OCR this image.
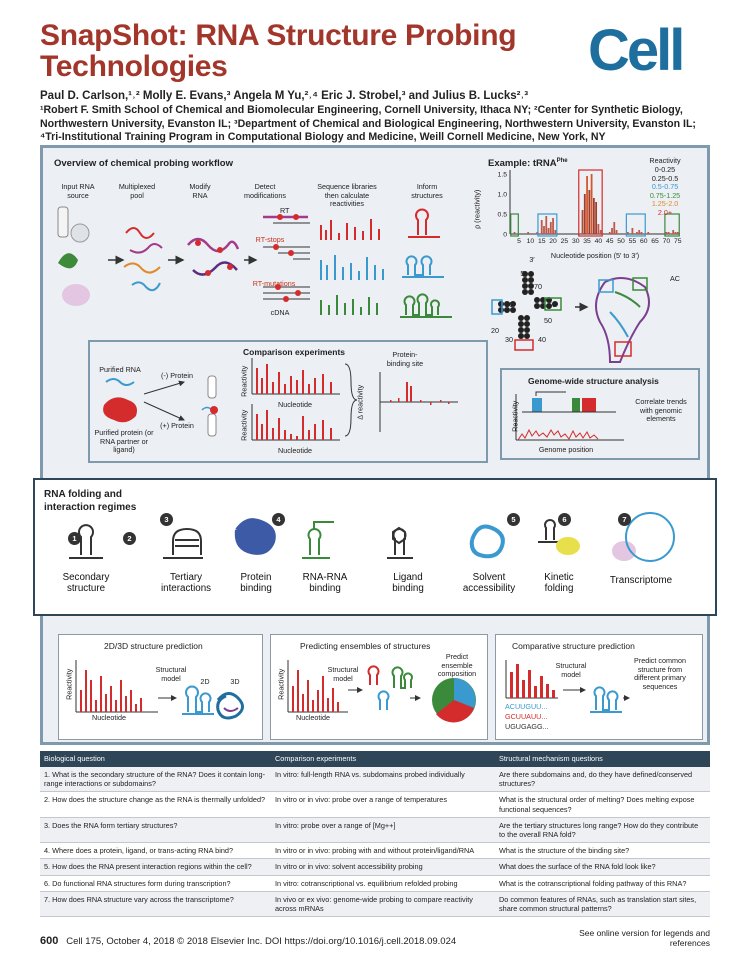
SnapShot: RNA Structure Probing Technologies	Cell
Paul D. Carlson,¹˒² Molly E. Evans,³ Angela M Yu,²˒⁴ Eric J. Strobel,³ and Julius B. Lucks²˒³
¹Robert F. Smith School of Chemical and Biomolecular Engineering, Cornell University, Ithaca NY; ²Center for Synthetic Biology,
Northwestern University, Evanston IL; ³Department of Chemical and Biological Engineering, Northwestern University, Evanston IL;
⁴Tri-Institutional Training Program in Computational Biology and Medicine, Weill Cornell Medicine, New York, NY
Overview of chemical probing workflow
Input RNA source
Multiplexed pool
Modify RNA
Detect modifications
Sequence libraries then calculate reactivities
Inform structures
RT
RT-stops
RT-mutations
cDNA
Example: tRNA$^{Phe}$
ρ (reactivity)
1.5
1.0
0.5
0
5 10 15 20 25 30 35 40 45 50 55 60 65 70 75
Nucleotide position (5′ to 3′)
Reactivity
0-0.25
0.25-0.5
0.5-0.75
0.75-1.25
1.25-2.0
2.0+
3′
5′
70
60
10
50
20
30	40
AC
Comparison experiments
Purified RNA
(-) Protein
(+) Protein
Purified protein (or RNA partner or ligand)
Reactivity
Reactivity
Nucleotide
Nucleotide
Δ reactivity
Protein-binding site
Genome-wide structure analysis
Reactivity
Genome position
Correlate trends with genomic elements
RNA folding and interaction regimes
2D/3D structure prediction	Predicting ensembles of structures	Comparative structure prediction
Reactivity
Nucleotide
Structural model	2D	3D	Reactivity
Nucleotide
Structural model
Predict ensemble composition
Structural model
Predict common structure from different primary sequences
ACUUGUU...
GCUUAUU...
UGUGAGG...
Biological question	Comparison experiments	Structural mechanism questions
1. What is the secondary structure of the RNA? Does it contain long-range interactions or subdomains?	In vitro: full-length RNA vs. subdomains probed individually	Are there subdomains and, do they have defined/conserved structures?
2. How does the structure change as the RNA is thermally unfolded?	In vitro or in vivo: probe over a range of temperatures	What is the structural order of melting? Does melting expose functional sequences?
3. Does the RNA form tertiary structures?	In vitro: probe over a range of [Mg++]	Are the tertiary structures long range? How do they contribute to the overall RNA fold?
4. Where does a protein, ligand, or trans-acting RNA bind?	In vitro or in vivo: probing with and without protein/ligand/RNA	What is the structure of the binding site?
5. How does the RNA present interaction regions within the cell?	In vitro or in vivo: solvent accessibility probing	What does the surface of the RNA fold look like?
6. Do functional RNA structures form during transcription?	In vitro: cotranscriptional vs. equilibrium refolded probing	What is the cotranscriptional folding pathway of this RNA?
7. How does RNA structure vary across the transcriptome?	In vivo or ex vivo: genome-wide probing to compare reactivity across mRNAs	Do common features of RNAs, such as translation start sites, share common structural patterns?
600 Cell 175, October 4, 2018 © 2018 Elsevier Inc. DOI https://doi.org/10.1016/j.cell.2018.09.024
See online version for legends and references
Secondary structure
Tertiary interactions
Protein binding
RNA-RNA binding
Ligand binding
Solvent accessibility
Kinetic folding
Transcriptome
1	2
3	4	5	6	7
